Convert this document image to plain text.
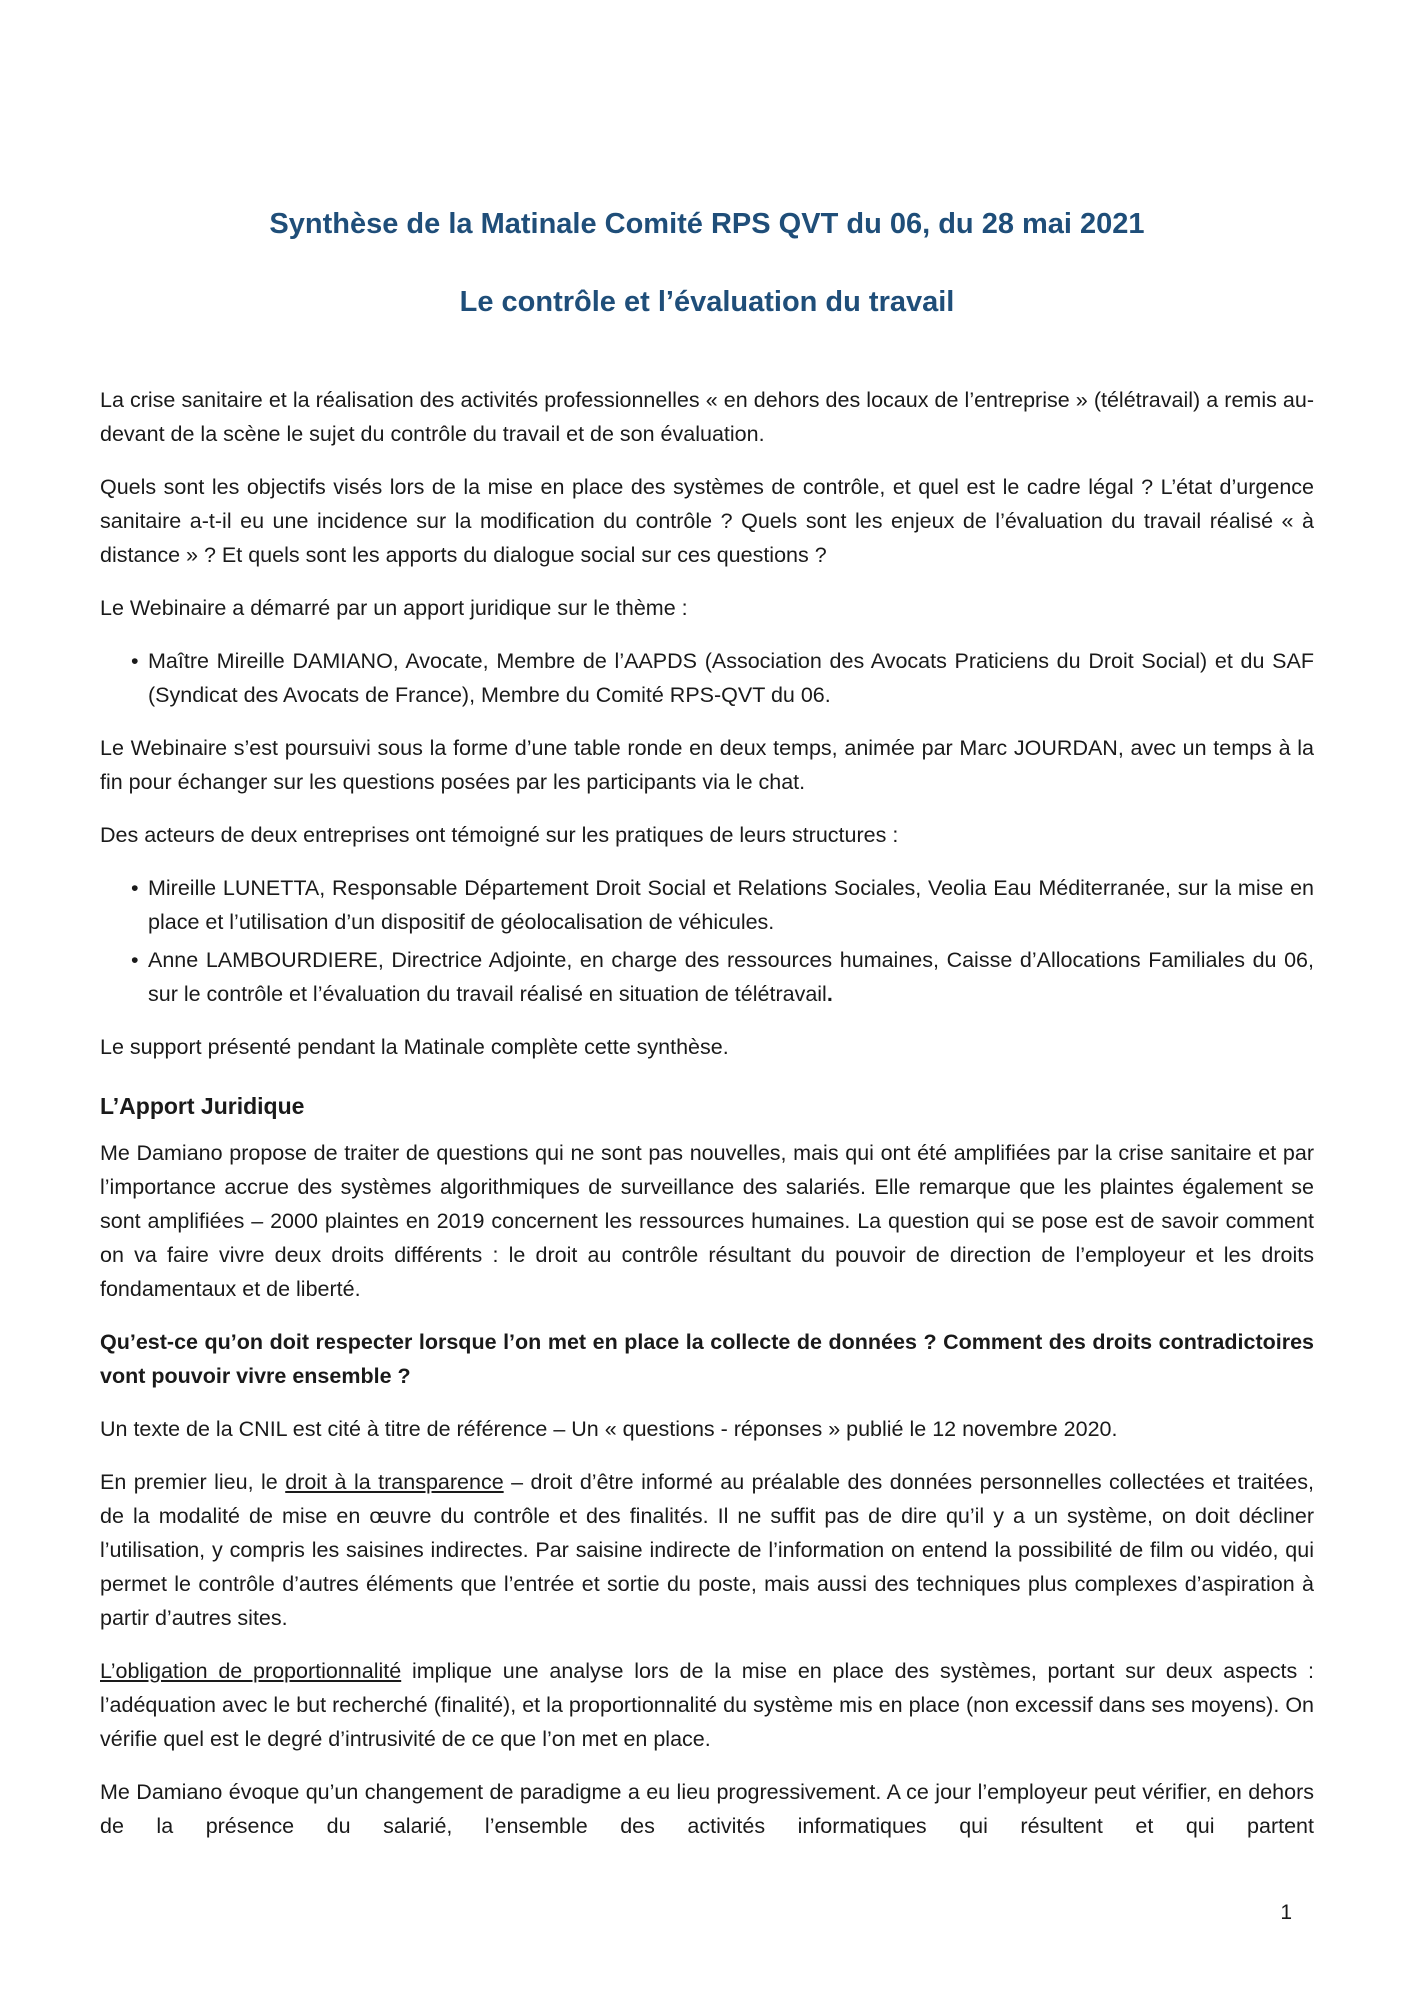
Synthèse de la Matinale Comité RPS QVT du 06, du 28 mai 2021
Le contrôle et l’évaluation du travail

La crise sanitaire et la réalisation des activités professionnelles « en dehors des locaux de l’entreprise » (télétravail) a remis au-devant de la scène le sujet du contrôle du travail et de son évaluation.

Quels sont les objectifs visés lors de la mise en place des systèmes de contrôle, et quel est le cadre légal ? L’état d’urgence sanitaire a-t-il eu une incidence sur la modification du contrôle ? Quels sont les enjeux de l’évaluation du travail réalisé « à distance » ? Et quels sont les apports du dialogue social sur ces questions ?

Le Webinaire a démarré par un apport juridique sur le thème :

• Maître Mireille DAMIANO, Avocate, Membre de l’AAPDS (Association des Avocats Praticiens du Droit Social) et du SAF (Syndicat des Avocats de France), Membre du Comité RPS-QVT du 06.

Le Webinaire s’est poursuivi sous la forme d’une table ronde en deux temps, animée par Marc JOURDAN, avec un temps à la fin pour échanger sur les questions posées par les participants via le chat.

Des acteurs de deux entreprises ont témoigné sur les pratiques de leurs structures :

• Mireille LUNETTA, Responsable Département Droit Social et Relations Sociales, Veolia Eau Méditerranée, sur la mise en place et l’utilisation d’un dispositif de géolocalisation de véhicules.
• Anne LAMBOURDIERE, Directrice Adjointe, en charge des ressources humaines, Caisse d’Allocations Familiales du 06, sur le contrôle et l’évaluation du travail réalisé en situation de télétravail.

Le support présenté pendant la Matinale complète cette synthèse.

L’Apport Juridique

Me Damiano propose de traiter de questions qui ne sont pas nouvelles, mais qui ont été amplifiées par la crise sanitaire et par l’importance accrue des systèmes algorithmiques de surveillance des salariés. Elle remarque que les plaintes également se sont amplifiées – 2000 plaintes en 2019 concernent les ressources humaines. La question qui se pose est de savoir comment on va faire vivre deux droits différents : le droit au contrôle résultant du pouvoir de direction de l’employeur et les droits fondamentaux et de liberté.

Qu’est-ce qu’on doit respecter lorsque l’on met en place la collecte de données ? Comment des droits contradictoires vont pouvoir vivre ensemble ?

Un texte de la CNIL est cité à titre de référence – Un « questions - réponses » publié le 12 novembre 2020.

En premier lieu, le droit à la transparence – droit d’être informé au préalable des données personnelles collectées et traitées, de la modalité de mise en œuvre du contrôle et des finalités. Il ne suffit pas de dire qu’il y a un système, on doit décliner l’utilisation, y compris les saisines indirectes. Par saisine indirecte de l’information on entend la possibilité de film ou vidéo, qui permet le contrôle d’autres éléments que l’entrée et sortie du poste, mais aussi des techniques plus complexes d’aspiration à partir d’autres sites.

L’obligation de proportionnalité implique une analyse lors de la mise en place des systèmes, portant sur deux aspects : l’adéquation avec le but recherché (finalité), et la proportionnalité du système mis en place (non excessif dans ses moyens). On vérifie quel est le degré d’intrusivité de ce que l’on met en place.

Me Damiano évoque qu’un changement de paradigme a eu lieu progressivement. A ce jour l’employeur peut vérifier, en dehors de la présence du salarié, l’ensemble des activités informatiques qui résultent et qui partent

1
